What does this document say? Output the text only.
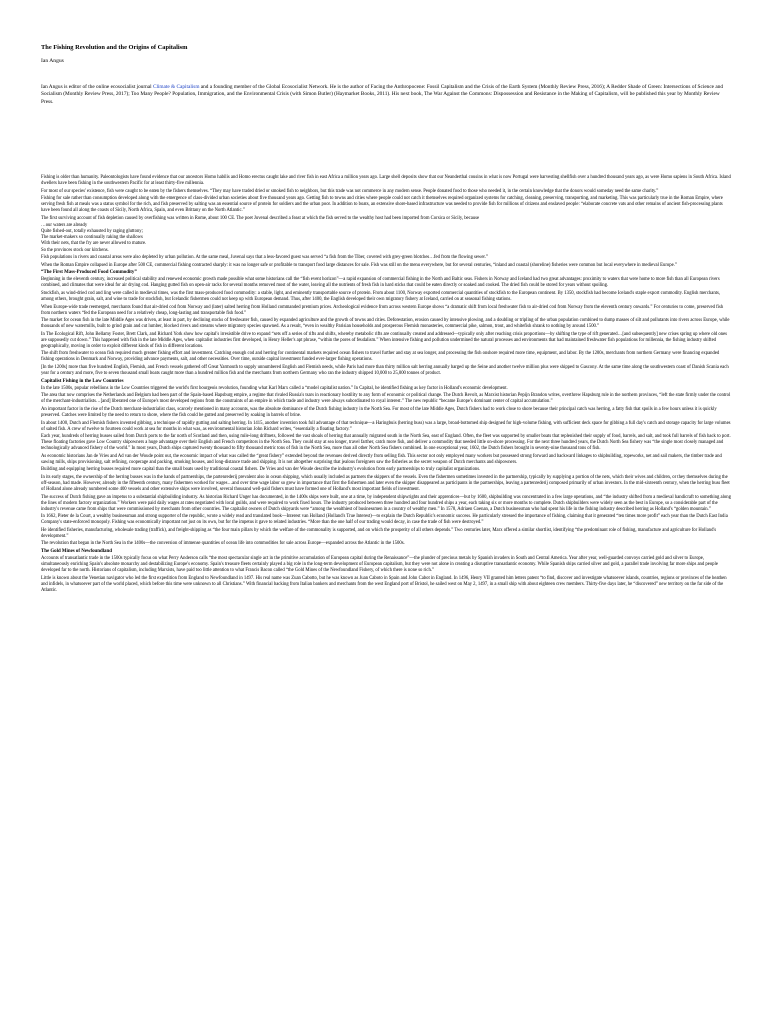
The Fishing Revolution and the Origins of Capitalism
Ian Angus
Ian Angus is editor of the online ecosocialist journal Climate & Capitalism and a founding member of the Global Ecosocialist Network. He is the author of Facing the Anthropocene: Fossil Capitalism and the Crisis of the Earth System (Monthly Review Press, 2016); A Redder Shade of Green: Intersections of Science and Socialism (Monthly Review Press, 2017); Too Many People? Population, Immigration, and the Environmental Crisis (with Simon Butler) (Haymarket Books, 2011). His next book, The War Against the Commons: Dispossession and Resistance in the Making of Capitalism, will be published this year by Monthly Review Press.

Fishing is older than humanity. Paleontologists have found evidence that our ancestors Homo habilis and Homo erectus caught lake and river fish in east Africa a million years ago. Large shell deposits show that our Neanderthal cousins in what is now Portugal were harvesting shellfish over a hundred thousand years ago, as were Homo sapiens in South Africa. Island dwellers have been fishing in the southwestern Pacific for at least thirty-five millennia.

For most of our species' existence, fish were caught to be eaten by the fishers themselves. “They may have traded dried or smoked fish to neighbors, but this trade was not commerce in any modern sense. People donated food to those who needed it, in the certain knowledge that the donors would someday need the same charity.”

Fishing for sale rather than consumption developed along with the emergence of class-divided urban societies about five thousand years ago. Getting fish to towns and cities where people could not catch it themselves required organized systems for catching, cleaning, preserving, transporting, and marketing. This was particularly true in the Roman Empire, where serving fresh fish at meals was a status symbol for the rich, and fish preserved by salting was an essential source of protein for soldiers and the urban poor. In addition to boats, an extensive shore-based infrastructure was needed to provide fish for millions of citizens and enslaved people: “elaborate concrete vats and other remains of ancient fish-processing plants have been found all along the coasts of Sicily, North Africa, Spain, and even Brittany on the North Atlantic.”

The first surviving account of fish depletion caused by overfishing was written in Rome, about 100 CE. The poet Juvenal described a feast at which the fish served to the wealthy host had been imported from Corsica or Sicily, because

…our waters are already

Quite fished-out, totally exhausted by raging gluttony;

The market-makers so continually raking the shallows

With their nets, that the fry are never allowed to mature.

So the provinces stock our kitchens.

Fish populations in rivers and coastal areas were also depleted by urban pollution. At the same meal, Juvenal says that a less-favored guest was served “a fish from the Tiber, covered with grey-green blotches…fed from the flowing sewer.”

When the Roman Empire collapsed in Europe after 500 CE, commercial fishing contracted sharply: it was no longer safe or profitable to transport food large distances for sale. Fish was still on the menu everywhere, but for several centuries, “inland and coastal (shoreline) fisheries were common but local everywhere in medieval Europe.”

“The First Mass-Produced Food Commodity”

Beginning in the eleventh century, increased political stability and renewed economic growth made possible what some historians call the “fish event horizon”—a rapid expansion of commercial fishing in the North and Baltic seas. Fishers in Norway and Iceland had two great advantages: proximity to waters that were home to more fish than all European rivers combined, and climates that were ideal for air drying cod. Hanging gutted fish on open-air racks for several months removed most of the water, leaving all the nutrients of fresh fish in hard sticks that could be eaten directly or soaked and cooked. The dried fish could be stored for years without spoiling.

Stockfish, as wind-dried cod and ling were called in medieval times, was the first mass-produced food commodity: a stable, light, and eminently transportable source of protein. From about 1100, Norway exported commercial quantities of stockfish to the European continent. By 1350, stockfish had become Iceland's staple export commodity. English merchants, among others, brought grain, salt, and wine to trade for stockfish, but Icelandic fishermen could not keep up with European demand. Thus, after 1400, the English developed their own migratory fishery at Iceland, carried on at seasonal fishing stations.

When Europe-wide trade reemerged, merchants found that air-dried cod from Norway and (later) salted herring from Holland commanded premium prices. Archeological evidence from across western Europe shows “a dramatic shift from local freshwater fish to air-dried cod from Norway from the eleventh century onwards.” For centuries to come, preserved fish from northern waters “fed the European need for a relatively cheap, long-lasting and transportable fish food.”

The market for ocean fish in the late Middle Ages was driven, at least in part, by declining stocks of freshwater fish, caused by expanded agriculture and the growth of towns and cities. Deforestation, erosion caused by intensive plowing, and a doubling or tripling of the urban population combined to dump masses of silt and pollutants into rivers across Europe, while thousands of new watermills, built to grind grain and cut lumber, blocked rivers and streams where migratory species spawned. As a result, “even in wealthy Parisian households and prosperous Flemish monasteries, commercial pike, salmon, trout, and whitefish shrank to nothing by around 1500.”

In The Ecological Rift, John Bellamy Foster, Brett Clark, and Richard York show how capital's irresistible drive to expand “sets off a series of rifts and shifts, whereby metabolic rifts are continually created and addressed—typically only after reaching crisis proportions—by shifting the type of rift generated…[and subsequently] new crises spring up where old ones are supposedly cut down.” This happened with fish in the late Middle Ages, when capitalist industries first developed, in Henry Heller's apt phrase, “within the pores of feudalism.” When intensive fishing and pollution undermined the natural processes and environments that had maintained freshwater fish populations for millennia, the fishing industry shifted geographically, moving in order to exploit different kinds of fish in different locations.

The shift from freshwater to ocean fish required much greater fishing effort and investment. Catching enough cod and herring for continental markets required ocean fishers to travel further and stay at sea longer, and processing the fish onshore required more time, equipment, and labor. By the 1200s, merchants from northern Germany were financing expanded fishing operations in Denmark and Norway, providing advance payments, salt, and other necessities. Over time, outside capital investment funded ever-larger fishing operations.

[In the 1200s] more than five hundred English, Flemish, and French vessels gathered off Great Yarmouth to supply unnumbered English and Flemish needs, while Paris had more than thirty million salt herring annually barged up the Seine and another twelve million plus were shipped to Gascony. At the same time along the southwestern coast of Danish Scania each year for a century and more, five to seven thousand small boats caught more than a hundred million fish and the merchants from northern Germany who ran the industry shipped 10,000 to 25,000 tonnes of product.

Capitalist Fishing in the Low Countries

In the late 1500s, popular rebellions in the Low Countries triggered the world's first bourgeois revolution, founding what Karl Marx called a “model capitalist nation.” In Capital, he identified fishing as key factor in Holland's economic development.

The area that now comprises the Netherlands and Belgium had been part of the Spain-based Hapsburg empire, a regime that rivaled Russia's tsars in reactionary hostility to any form of economic or political change. The Dutch Revolt, as Marxist historian Pepijn Brandon writes, overthrew Hapsburg rule in the northern provinces, “left the state firmly under the control of the merchant-industrialists…[and] liberated one of Europe's most developed regions from the constraints of an empire in which trade and industry were always subordinated to royal interest.” The new republic “became Europe's dominant center of capital accumulation.”

An important factor in the rise of the Dutch merchant-industrialist class, scarcely mentioned in many accounts, was the absolute dominance of the Dutch fishing industry in the North Sea. For most of the late Middle Ages, Dutch fishers had to work close to shore because their principal catch was herring, a fatty fish that spoils in a few hours unless it is quickly preserved. Catches were limited by the need to return to shore, where the fish could be gutted and preserved by soaking in barrels of brine.

In about 1400, Dutch and Flemish fishers invented gibbing, a technique of rapidly gutting and salting herring. In 1415, another invention took full advantage of that technique—a Haringbuis (herring buss) was a large, broad-bottomed ship designed for high-volume fishing, with sufficient deck space for gibbing a full day's catch and storage capacity for large volumes of salted fish. A crew of twelve to fourteen could work at sea for months in what was, as environmental historian John Richard writes, “essentially a floating factory.”

Each year, hundreds of herring busses sailed from Dutch ports to the far north of Scotland and then, using mile-long driftnets, followed the vast shoals of herring that annually migrated south in the North Sea, east of England. Often, the fleet was supported by smaller boats that replenished their supply of food, barrels, and salt, and took full barrels of fish back to port. These floating factories gave Low Country shipowners a huge advantage over their English and French competitors in the North Sea. They could stay at sea longer, travel farther, catch more fish, and deliver a commodity that needed little on-shore processing. For the next three hundred years, the Dutch North Sea fishery was “the single most closely managed and technologically advanced fishery of the world.” In most years, Dutch ships captured twenty thousand to fifty thousand metric tons of fish in the North Sea, more than all other North Sea fishers combined. In one exceptional year, 1602, the Dutch fishers brought in seventy-nine thousand tons of fish.

As economic historians Jan de Vries and Ad van der Woude point out, the economic impact of what was called the “great fishery” extended beyond the revenues derived directly from selling fish. This sector not only employed many workers but possessed strong forward and backward linkages to shipbuilding, ropeworks, net and sail makers, the timber trade and sawing mills, ships provisioning, salt refining, cooperage and packing, smoking houses, and long-distance trade and shipping. It is not altogether surprising that jealous foreigners saw the fisheries as the secret weapon of Dutch merchants and shipowners.

Building and equipping herring busses required more capital than the small boats used by traditional coastal fishers. De Vries and van der Woude describe the industry's evolution from early partnerships to truly capitalist organizations.

In its early stages, the ownership of the herring busses was in the hands of partnerships, the partenrederij prevalent also in ocean shipping, which usually included as partners the skippers of the vessels. Even the fishermen sometimes invested in the partnership, typically by supplying a portion of the nets, which their wives and children, or they themselves during the off-season, had made. However, already in the fifteenth century, many fishermen worked for wages…and over time wage labor so grew in importance that first the fishermen and later even the skipper disappeared as participants in the partnerships, leaving a partenrederij composed primarily of urban investors. In the mid-sixteenth century, when the herring buss fleet of Holland alone already numbered some 400 vessels and other extensive ships were involved, several thousand well-paid fishers must have formed one of Holland's most important fields of investment.

The success of Dutch fishing gave an impetus to a substantial shipbuilding industry. As historian Richard Unger has documented, in the 1400s ships were built, one at a time, by independent shipwrights and their apprentices—but by 1600, shipbuilding was concentrated in a few large operations, and “the industry shifted from a medieval handicraft to something along the lines of modern factory organization.” Workers were paid daily wages at rates negotiated with local guilds, and were required to work fixed hours. The industry produced between three hundred and four hundred ships a year, each taking six or more months to complete. Dutch shipbuilders were widely seen as the best in Europe, so a considerable part of the industry's revenue came from ships that were commissioned by merchants from other countries. The capitalist owners of Dutch shipyards were “among the wealthiest of businessmen in a country of wealthy men.” In 1578, Adriaen Coenan, a Dutch businessman who had spent his life in the fishing industry described herring as Holland's “golden mountain.”

In 1662, Pieter de la Court, a wealthy businessman and strong supporter of the republic, wrote a widely read and translated book—Interest van Holland (Holland's True Interest)—to explain the Dutch Republic's economic success. He particularly stressed the importance of fishing, claiming that it generated “ten times more profit” each year than the Dutch East India Company's state-enforced monopoly. Fishing was economically important not just on its own, but for the impetus it gave to related industries. “More than the one half of our trading would decay, in case the trade of fish were destroyed.”

He identified fisheries, manufacturing, wholesale trading (traffick), and freight-shipping as “the four main pillars by which the welfare of the commonality is supported, and on which the prosperity of all others depends.” Two centuries later, Marx offered a similar shortlist, identifying “the predominant role of fishing, manufacture and agriculture for Holland's development.”

The revolution that began in the North Sea in the 1400s—the conversion of immense quantities of ocean life into commodities for sale across Europe—expanded across the Atlantic in the 1500s.

The Gold Mines of Newfoundland

Accounts of transatlantic trade in the 1500s typically focus on what Perry Anderson calls “the most spectacular single act in the primitive accumulation of European capital during the Renaissance”—the plunder of precious metals by Spanish invaders in South and Central America. Year after year, well-guarded convoys carried gold and silver to Europe, simultaneously enriching Spain's absolute monarchy and destabilizing Europe's economy. Spain's treasure fleets certainly played a big role in the long-term development of European capitalism, but they were not alone in creating a disruptive transatlantic economy. While Spanish ships carried silver and gold, a parallel trade involving far more ships and people developed far to the north. Historians of capitalism, including Marxists, have paid too little attention to what Francis Bacon called “the Gold Mines of the Newfoundland Fishery, of which there is none so rich.”

Little is known about the Venetian navigator who led the first expedition from England to Newfoundland in 1497. His real name was Zuan Cabotto, but he was known as Juan Caboto in Spain and John Cabot in England. In 1496, Henry VII granted him letters patent “to find, discover and investigate whatsoever islands, countries, regions or provinces of the heathen and infidels, in whatsoever part of the world placed, which before this time were unknown to all Christians.” With financial backing from Italian bankers and merchants from the west England port of Bristol, he sailed west on May 2, 1497, in a small ship with about eighteen crew members. Thirty-five days later, he “discovered” new territory on the far side of the Atlantic.
